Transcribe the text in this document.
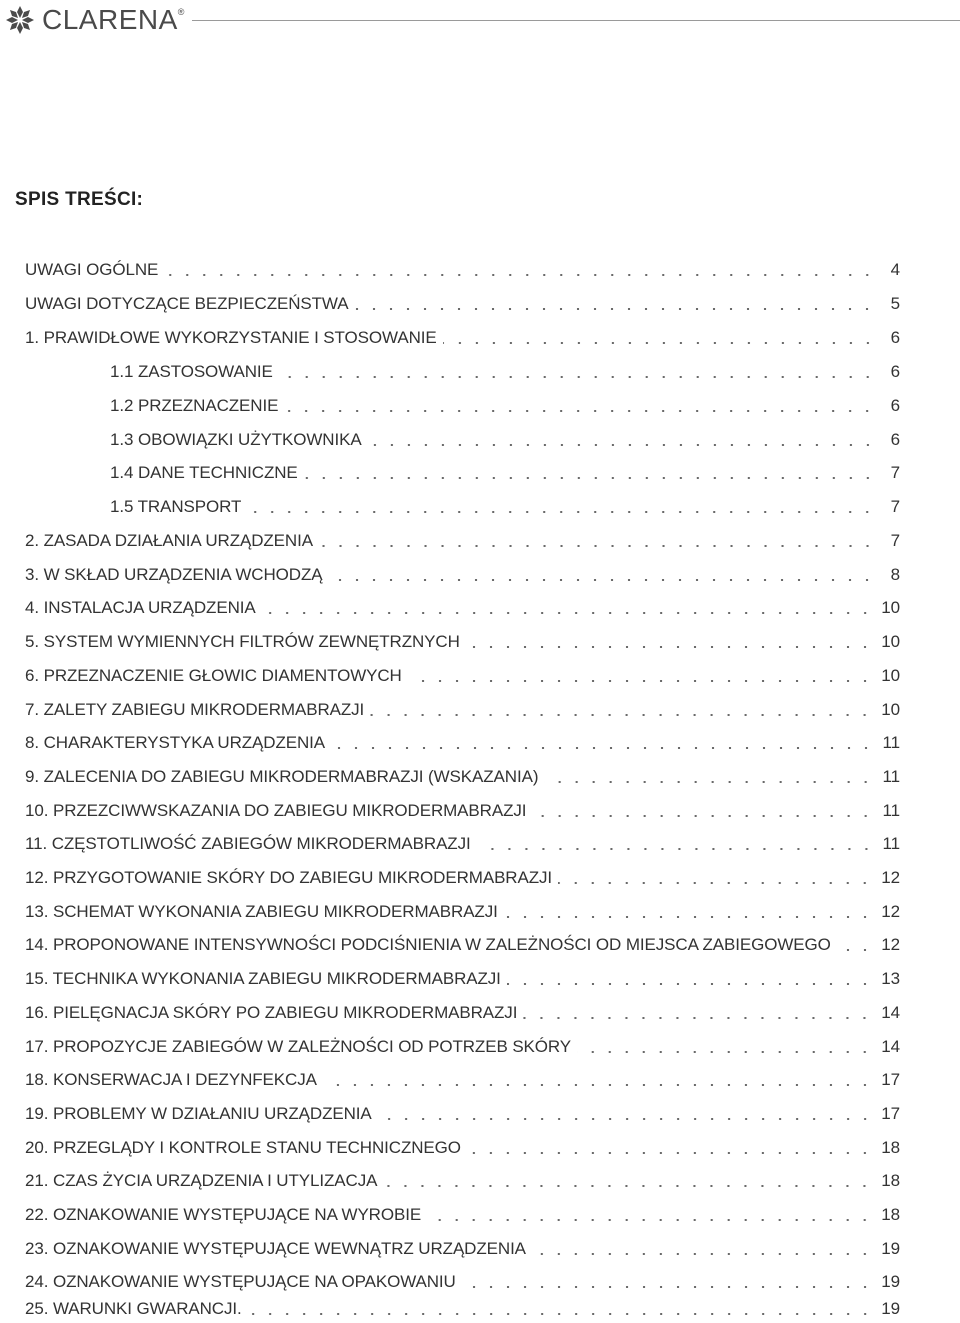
CLARENA®
SPIS TREŚCI:
UWAGI OGÓLNE	4
UWAGI DOTYCZĄCE BEZPIECZEŃSTWA	5
1. PRAWIDŁOWE WYKORZYSTANIE I STOSOWANIE	6
1.1 ZASTOSOWANIE	6
1.2 PRZEZNACZENIE	6
1.3 OBOWIĄZKI UŻYTKOWNIKA	6
1.4 DANE TECHNICZNE	7
1.5 TRANSPORT	7
2. ZASADA DZIAŁANIA URZĄDZENIA	7
3. W SKŁAD URZĄDZENIA WCHODZĄ	8
4. INSTALACJA URZĄDZENIA	10
5. SYSTEM WYMIENNYCH FILTRÓW ZEWNĘTRZNYCH	10
6. PRZEZNACZENIE GŁOWIC DIAMENTOWYCH	10
7. ZALETY ZABIEGU MIKRODERMABRAZJI	10
8. CHARAKTERYSTYKA URZĄDZENIA	11
9. ZALECENIA DO ZABIEGU MIKRODERMABRAZJI (WSKAZANIA)	11
10. PRZEZCIWWSKAZANIA DO ZABIEGU MIKRODERMABRAZJI	11
11. CZĘSTOTLIWOŚĆ ZABIEGÓW MIKRODERMABRAZJI	11
12. PRZYGOTOWANIE SKÓRY DO ZABIEGU MIKRODERMABRAZJI	12
13. SCHEMAT WYKONANIA ZABIEGU MIKRODERMABRAZJI	12
14. PROPONOWANE INTENSYWNOŚCI PODCIŚNIENIA W ZALEŻNOŚCI OD MIEJSCA ZABIEGOWEGO	12
15. TECHNIKA WYKONANIA ZABIEGU MIKRODERMABRAZJI	13
16. PIELĘGNACJA SKÓRY PO ZABIEGU MIKRODERMABRAZJI	14
17. PROPOZYCJE ZABIEGÓW W ZALEŻNOŚCI OD POTRZEB SKÓRY	14
18. KONSERWACJA I DEZYNFEKCJA	17
19. PROBLEMY W DZIAŁANIU URZĄDZENIA	17
20. PRZEGLĄDY I KONTROLE STANU TECHNICZNEGO	18
21. CZAS ŻYCIA URZĄDZENIA I UTYLIZACJA	18
22. OZNAKOWANIE WYSTĘPUJĄCE NA WYROBIE	18
23. OZNAKOWANIE WYSTĘPUJĄCE WEWNĄTRZ URZĄDZENIA	19
24. OZNAKOWANIE WYSTĘPUJĄCE NA OPAKOWANIU	19
25. WARUNKI GWARANCJI.	19
